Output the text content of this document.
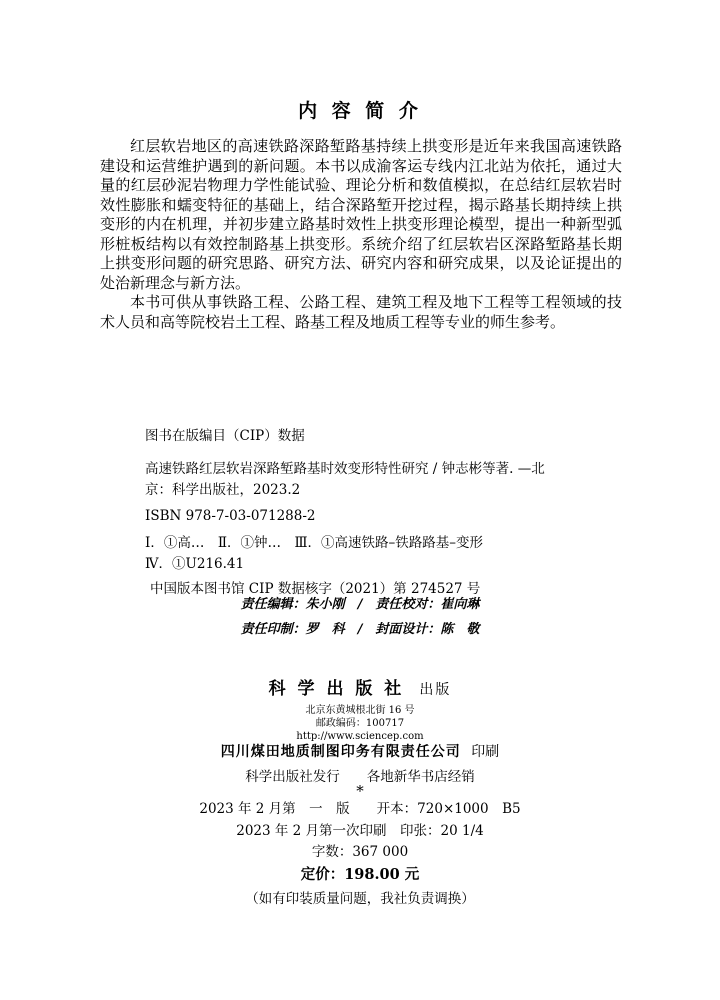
内 容 简 介

红层软岩地区的高速铁路深路堑路基持续上拱变形是近年来我国高速铁路建设和运营维护遇到的新问题。本书以成渝客运专线内江北站为依托，通过大量的红层砂泥岩物理力学性能试验、理论分析和数值模拟，在总结红层软岩时效性膨胀和蠕变特征的基础上，结合深路堑开挖过程，揭示路基长期持续上拱变形的内在机理，并初步建立路基时效性上拱变形理论模型，提出一种新型弧形桩板结构以有效控制路基上拱变形。系统介绍了红层软岩区深路堑路基长期上拱变形问题的研究思路、研究方法、研究内容和研究成果，以及论证提出的处治新理念与新方法。

本书可供从事铁路工程、公路工程、建筑工程及地下工程等工程领域的技术人员和高等院校岩土工程、路基工程及地质工程等专业的师生参考。

图书在版编目（CIP）数据
高速铁路红层软岩深路堑路基时效变形特性研究 / 钟志彬等著. —北
京：科学出版社，2023.2
ISBN 978-7-03-071288-2
Ⅰ．①高…　Ⅱ．①钟…　Ⅲ．①高速铁路–铁路路基–变形
Ⅳ．①U216.41
中国版本图书馆 CIP 数据核字（2021）第 274527 号
责任编辑：朱小刚　/　责任校对：崔向琳
责任印制：罗　科　/　封面设计：陈　敬
科 学 出 版 社 出版
北京东黄城根北街 16 号
邮政编码：100717
http://www.sciencep.com
四川煤田地质制图印务有限责任公司 印刷
科学出版社发行　　各地新华书店经销
*
2023 年 2 月第　一　版　　开本：720×1000　B5
2023 年 2 月第一次印刷　印张：20 1/4
字数：367 000
定价：198.00 元
（如有印装质量问题，我社负责调换）
